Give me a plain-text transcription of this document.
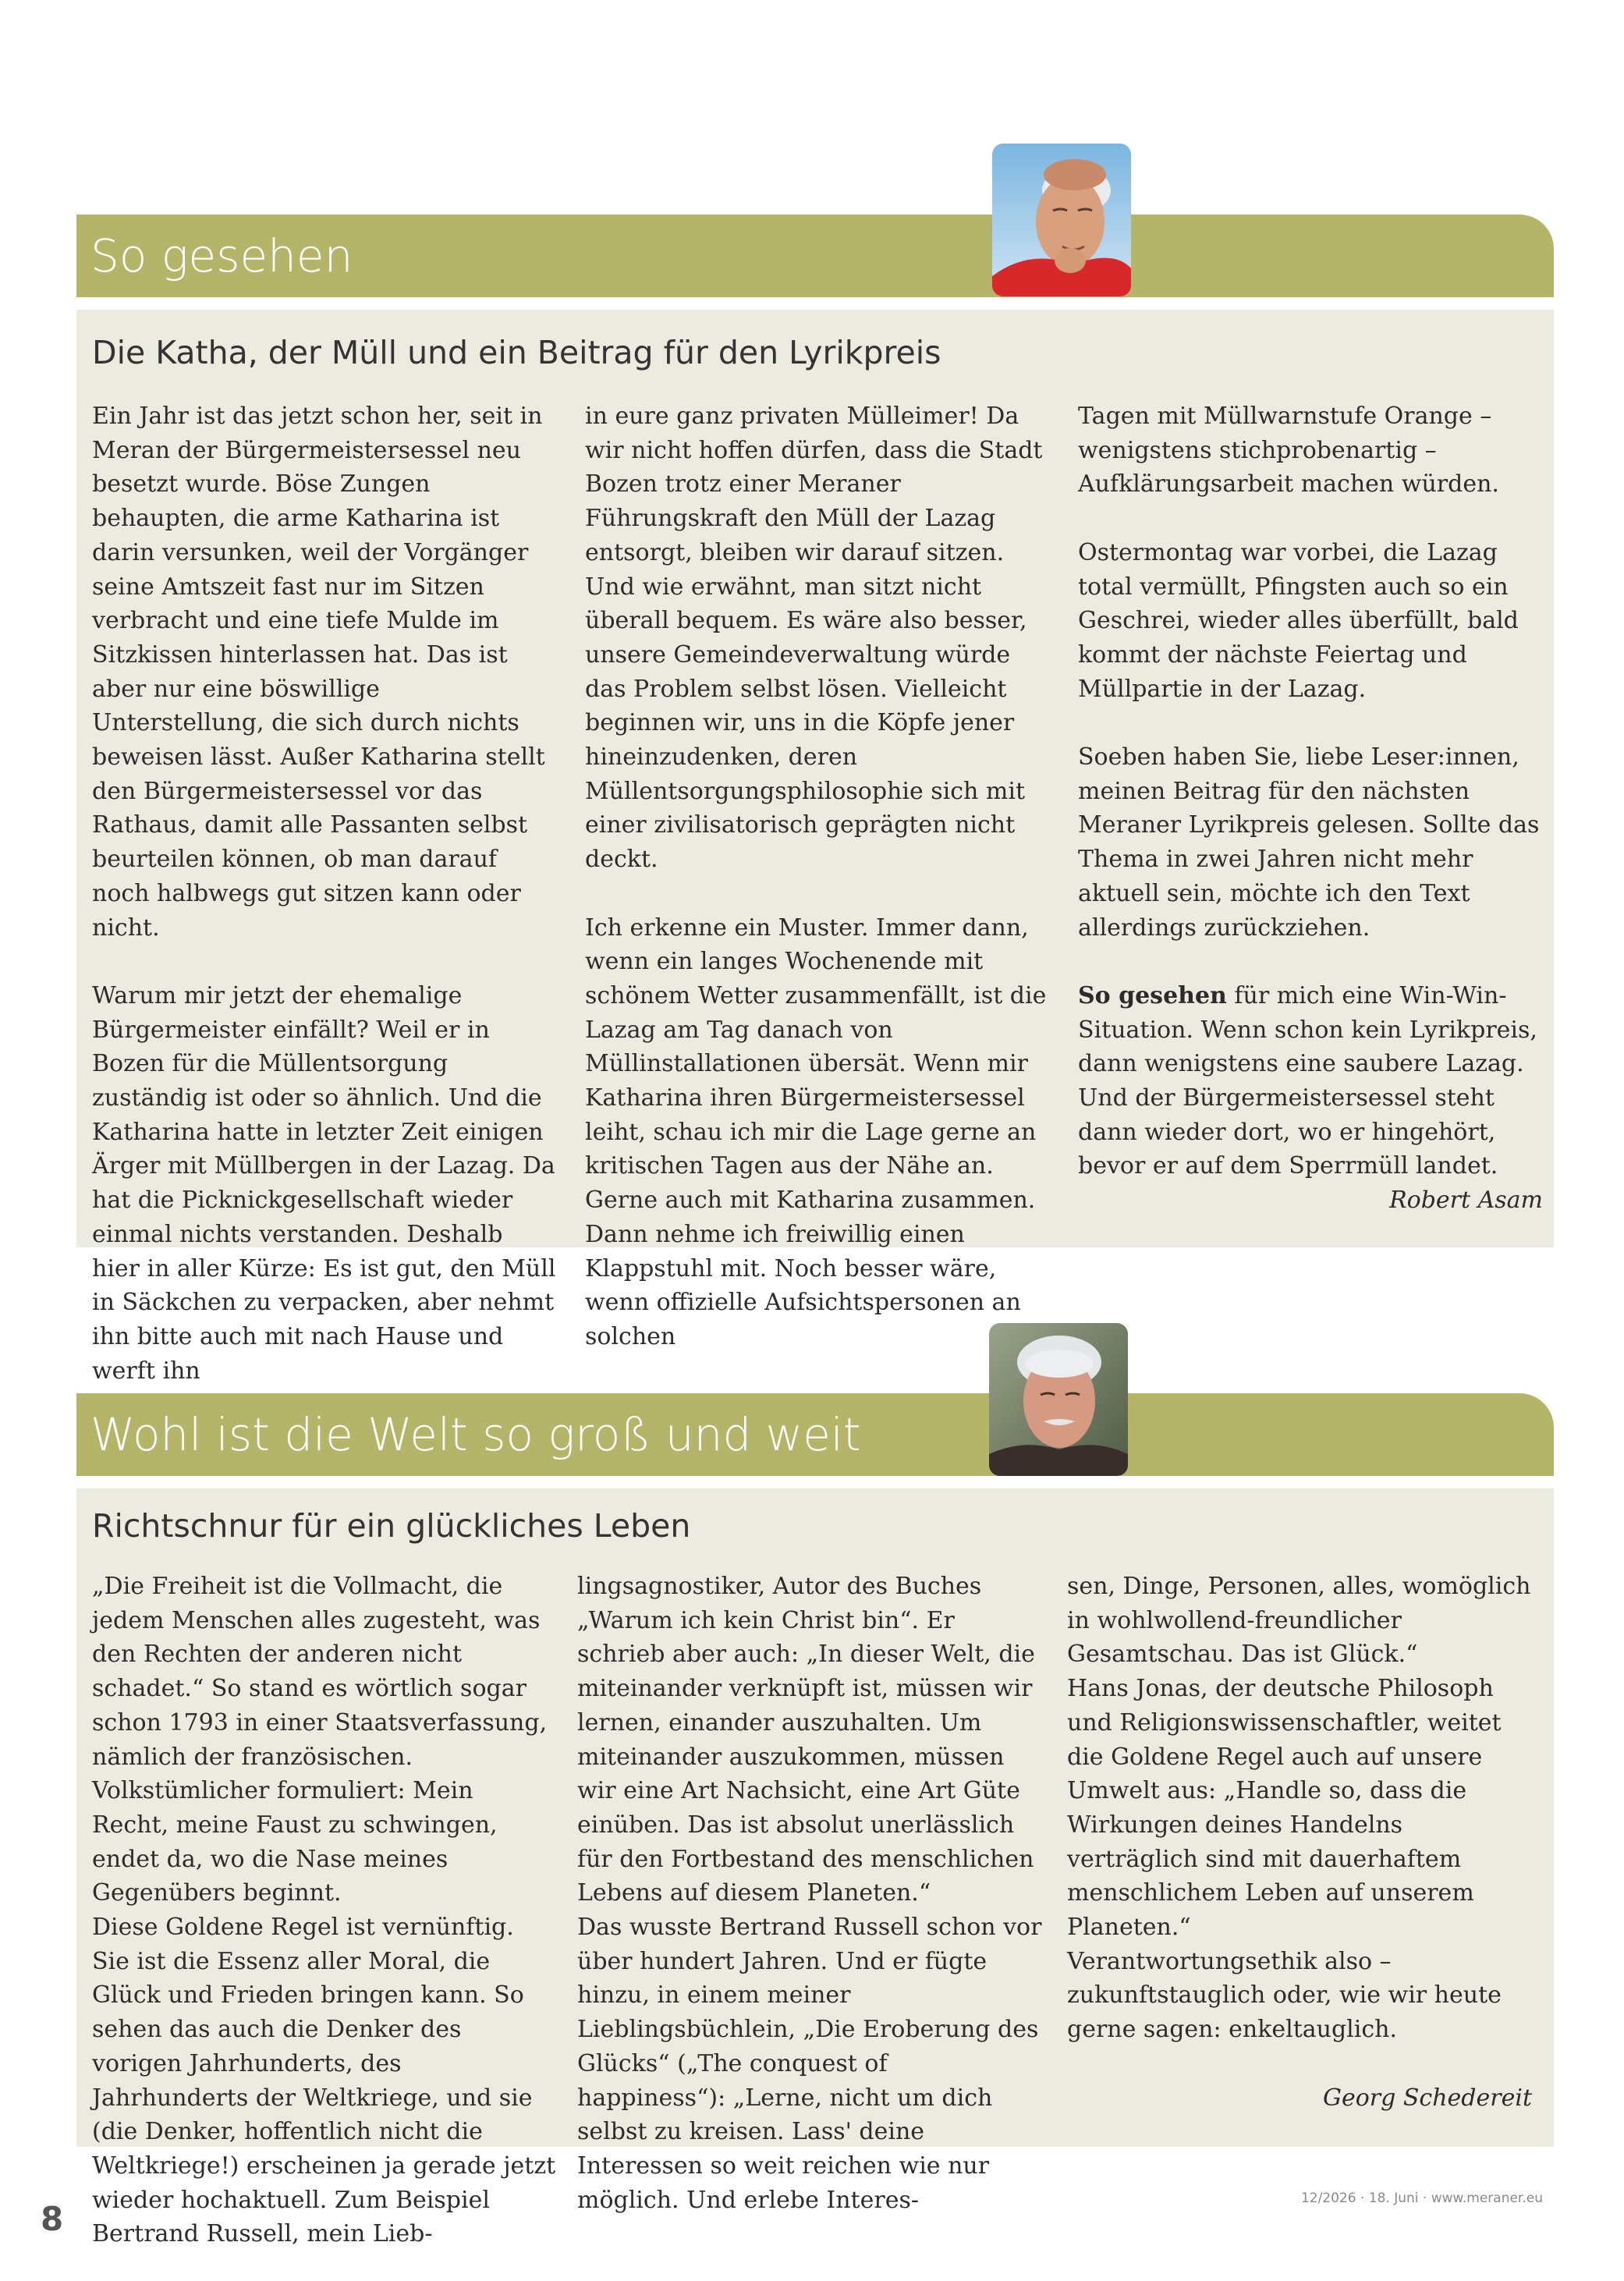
So gesehen
Die Katha, der Müll und ein Beitrag für den Lyrikpreis

Ein Jahr ist das jetzt schon her, seit in Meran der Bürgermeistersessel neu besetzt wurde. Böse Zungen behaupten, die arme Katharina ist darin versunken, weil der Vorgänger seine Amtszeit fast nur im Sitzen verbracht und eine tiefe Mulde im Sitzkissen hinterlassen hat. Das ist aber nur eine böswillige Unterstellung, die sich durch nichts beweisen lässt. Außer Katharina stellt den Bürgermeistersessel vor das Rathaus, damit alle Passanten selbst beurteilen können, ob man darauf noch halbwegs gut sitzen kann oder nicht.

Warum mir jetzt der ehemalige Bürgermeister einfällt? Weil er in Bozen für die Müllentsorgung zuständig ist oder so ähnlich. Und die Katharina hatte in letzter Zeit einigen Ärger mit Müllbergen in der Lazag. Da hat die Picknickgesellschaft wieder einmal nichts verstanden. Deshalb hier in aller Kürze: Es ist gut, den Müll in Säckchen zu verpacken, aber nehmt ihn bitte auch mit nach Hause und werft ihn

in eure ganz privaten Mülleimer! Da wir nicht hoffen dürfen, dass die Stadt Bozen trotz einer Meraner Führungskraft den Müll der Lazag entsorgt, bleiben wir darauf sitzen. Und wie erwähnt, man sitzt nicht überall bequem. Es wäre also besser, unsere Gemeindeverwaltung würde das Problem selbst lösen. Vielleicht beginnen wir, uns in die Köpfe jener hineinzudenken, deren Müllentsorgungsphilosophie sich mit einer zivilisatorisch geprägten nicht deckt.

Ich erkenne ein Muster. Immer dann, wenn ein langes Wochenende mit schönem Wetter zusammenfällt, ist die Lazag am Tag danach von Müllinstallationen übersät. Wenn mir Katharina ihren Bürgermeistersessel leiht, schau ich mir die Lage gerne an kritischen Tagen aus der Nähe an. Gerne auch mit Katharina zusammen. Dann nehme ich freiwillig einen Klappstuhl mit. Noch besser wäre, wenn offizielle Aufsichtspersonen an solchen

Tagen mit Müllwarnstufe Orange – wenigstens stichprobenartig – Aufklärungsarbeit machen würden.

Ostermontag war vorbei, die Lazag total vermüllt, Pfingsten auch so ein Geschrei, wieder alles überfüllt, bald kommt der nächste Feiertag und Müllpartie in der Lazag.

Soeben haben Sie, liebe Leser:innen, meinen Beitrag für den nächsten Meraner Lyrikpreis gelesen. Sollte das Thema in zwei Jahren nicht mehr aktuell sein, möchte ich den Text allerdings zurückziehen.

So gesehen für mich eine Win-Win-Situation. Wenn schon kein Lyrikpreis, dann wenigstens eine saubere Lazag. Und der Bürgermeistersessel steht dann wieder dort, wo er hingehört, bevor er auf dem Sperrmüll landet.

Robert Asam
Wohl ist die Welt so groß und weit
Richtschnur für ein glückliches Leben

„Die Freiheit ist die Vollmacht, die jedem Menschen alles zugesteht, was den Rechten der anderen nicht schadet.“ So stand es wörtlich sogar schon 1793 in einer Staatsverfassung, nämlich der französischen. Volkstümlicher formuliert: Mein Recht, meine Faust zu schwingen, endet da, wo die Nase meines Gegenübers beginnt.

Diese Goldene Regel ist vernünftig. Sie ist die Essenz aller Moral, die Glück und Frieden bringen kann. So sehen das auch die Denker des vorigen Jahrhunderts, des Jahrhunderts der Weltkriege, und sie (die Denker, hoffentlich nicht die Weltkriege!) erscheinen ja gerade jetzt wieder hochaktuell. Zum Beispiel Bertrand Russell, mein Lieb-

lingsagnostiker, Autor des Buches „Warum ich kein Christ bin“. Er schrieb aber auch: „In dieser Welt, die miteinander verknüpft ist, müssen wir lernen, einander auszuhalten. Um miteinander auszukommen, müssen wir eine Art Nachsicht, eine Art Güte einüben. Das ist absolut unerlässlich für den Fortbestand des menschlichen Lebens auf diesem Planeten.“

Das wusste Bertrand Russell schon vor über hundert Jahren. Und er fügte hinzu, in einem meiner Lieblingsbüchlein, „Die Eroberung des Glücks“ („The conquest of happiness“): „Lerne, nicht um dich selbst zu kreisen. Lass' deine Interessen so weit reichen wie nur möglich. Und erlebe Interes-

sen, Dinge, Personen, alles, womöglich in wohlwollend-freundlicher Gesamtschau. Das ist Glück.“

Hans Jonas, der deutsche Philosoph und Religionswissenschaftler, weitet die Goldene Regel auch auf unsere Umwelt aus: „Handle so, dass die Wirkungen deines Handelns verträglich sind mit dauerhaftem menschlichem Leben auf unserem Planeten.“

Verantwortungsethik also – zukunftstauglich oder, wie wir heute gerne sagen: enkeltauglich.

Georg Schedereit
8
12/2026 · 18. Juni · www.meraner.eu
